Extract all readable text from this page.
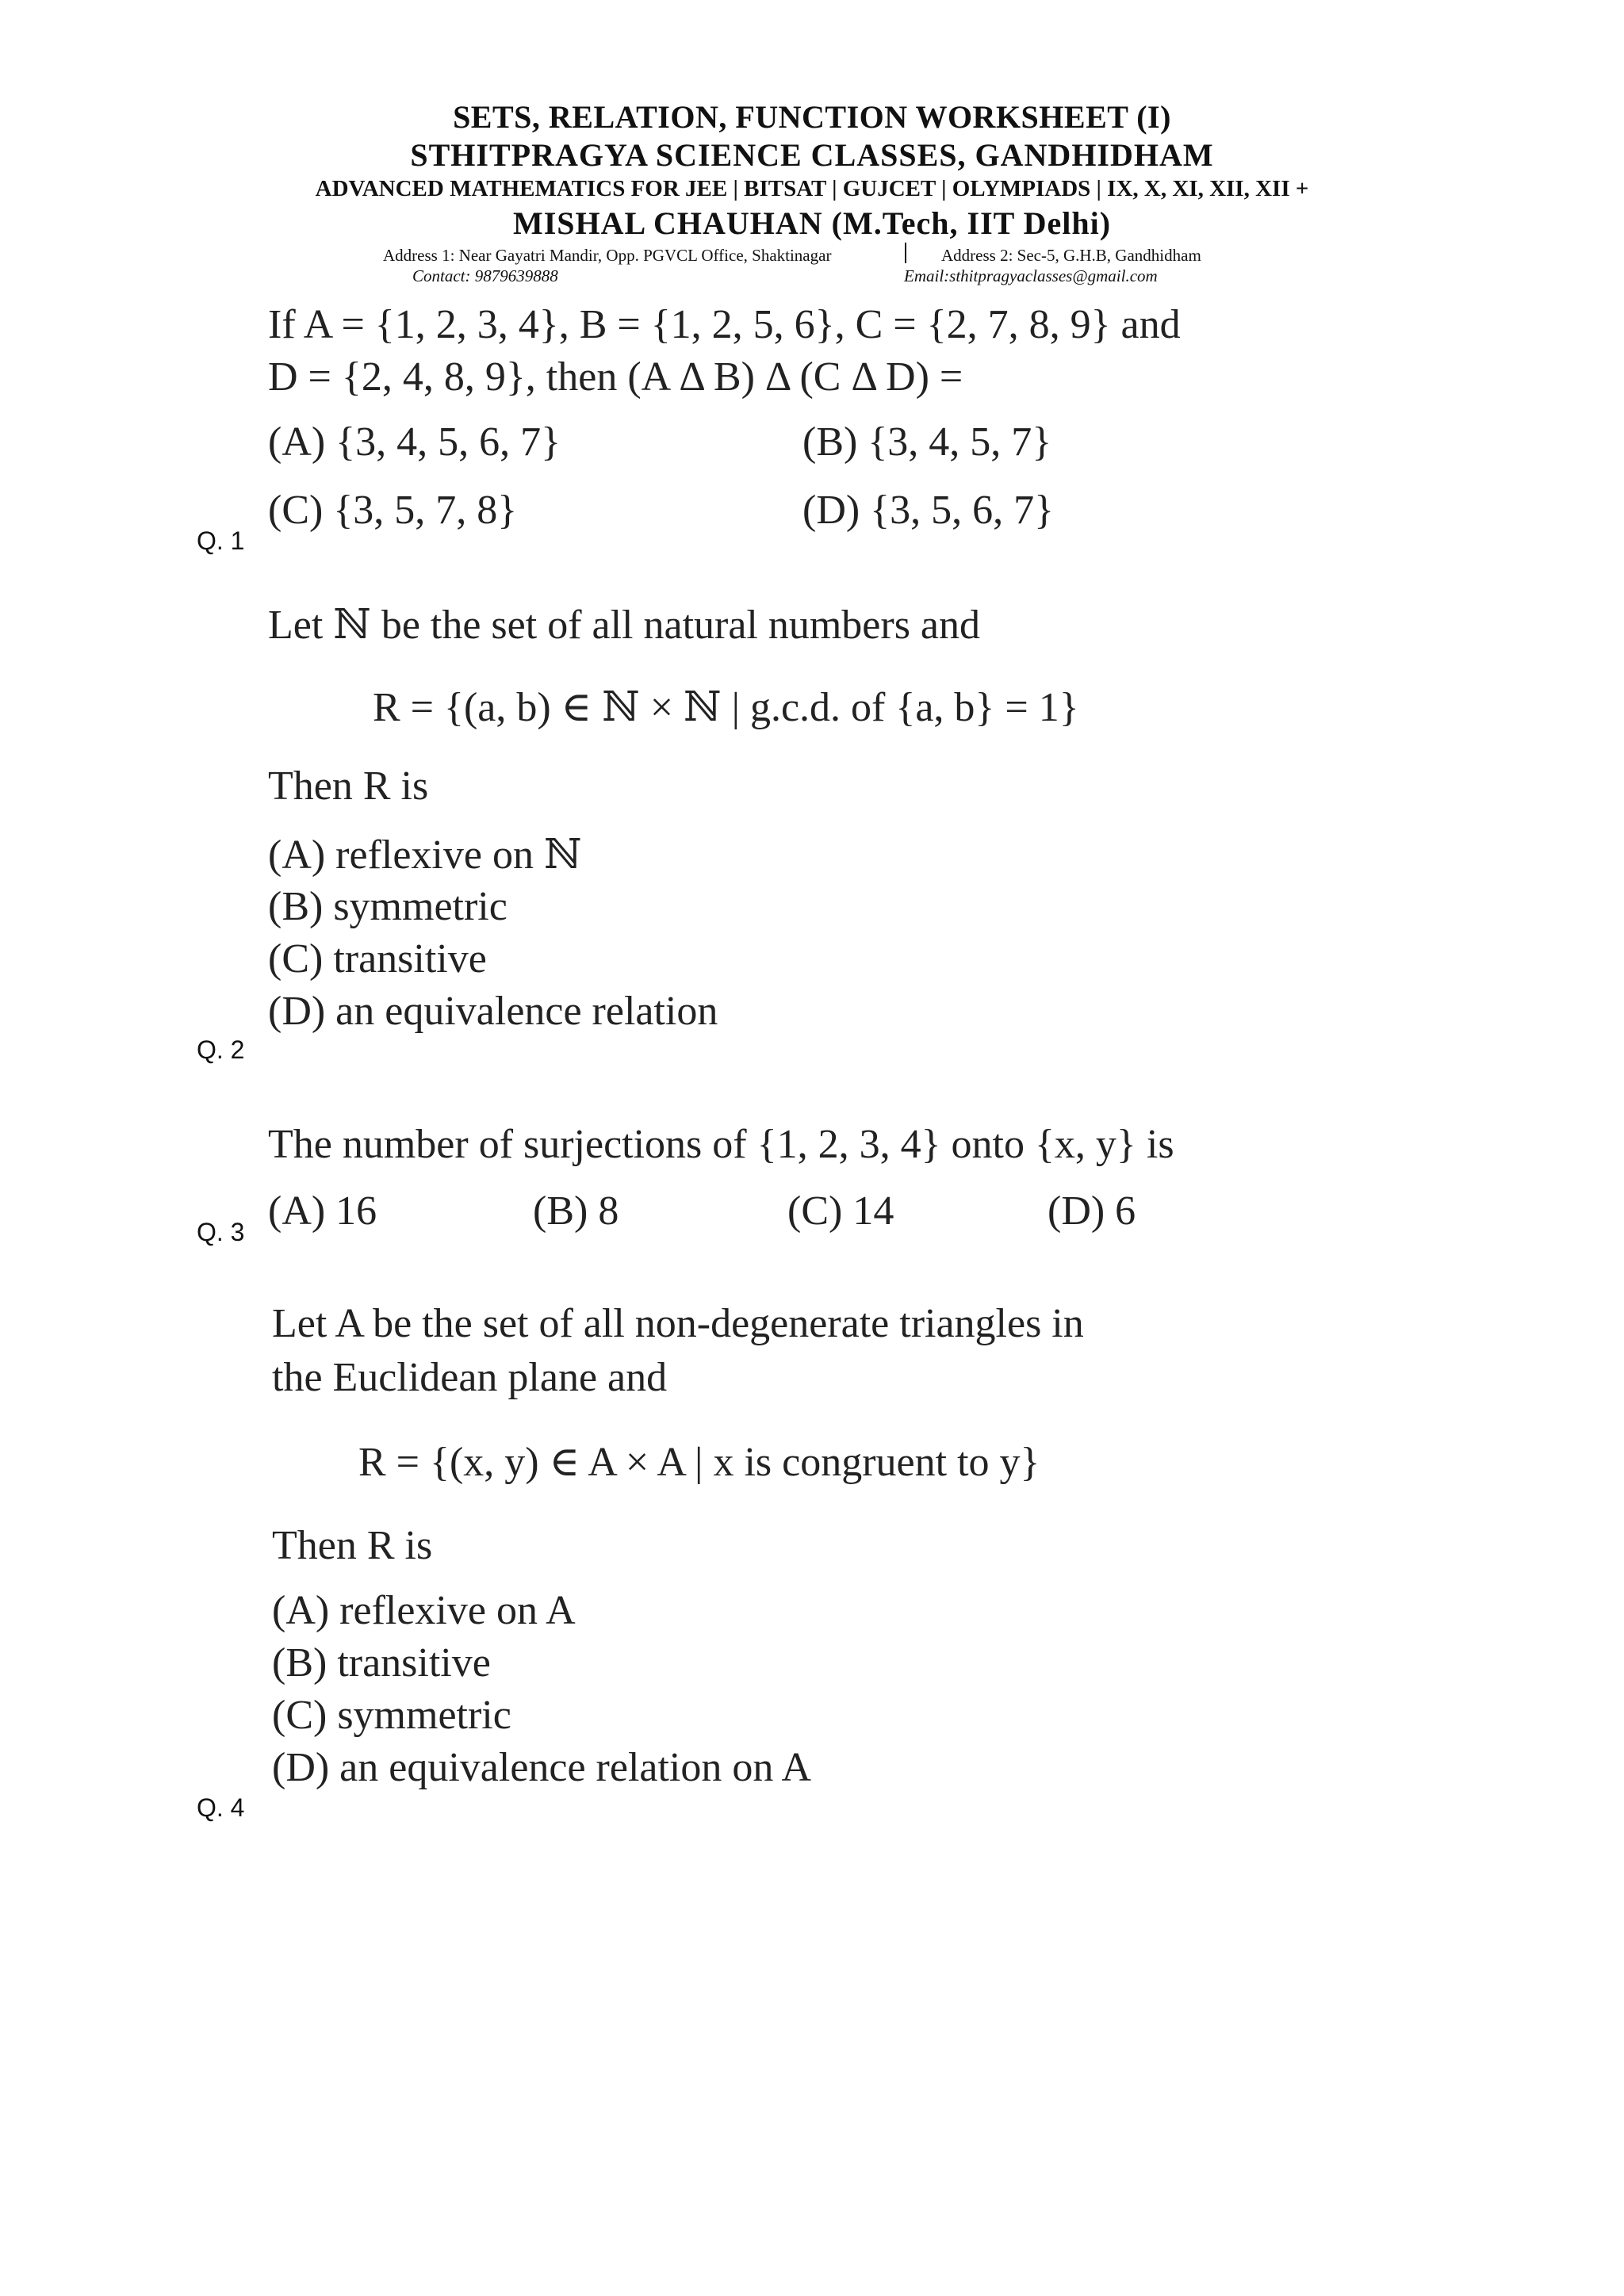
SETS, RELATION, FUNCTION WORKSHEET (I)
STHITPRAGYA SCIENCE CLASSES, GANDHIDHAM
ADVANCED MATHEMATICS FOR JEE | BITSAT | GUJCET | OLYMPIADS | IX, X, XI, XII, XII +
MISHAL CHAUHAN (M.Tech, IIT Delhi)
Address 1: Near Gayatri Mandir, Opp. PGVCL Office, Shaktinagar	Address 2: Sec-5, G.H.B, Gandhidham
Contact: 9879639888	Email:sthitpragyaclasses@gmail.com
If A = {1, 2, 3, 4}, B = {1, 2, 5, 6}, C = {2, 7, 8, 9} and
D = {2, 4, 8, 9}, then (A Δ B) Δ (C Δ D) =
(A) {3, 4, 5, 6, 7}	(B) {3, 4, 5, 7}
(C) {3, 5, 7, 8}	(D) {3, 5, 6, 7}
Q. 1
Let ℕ be the set of all natural numbers and
R = {(a, b) ∈ ℕ × ℕ | g.c.d. of {a, b} = 1}
Then R is
(A) reflexive on ℕ
(B) symmetric
(C) transitive
(D) an equivalence relation
Q. 2
The number of surjections of {1, 2, 3, 4} onto {x, y} is
(A) 16	(B) 8	(C) 14	(D) 6
Q. 3
Let A be the set of all non-degenerate triangles in
the Euclidean plane and
R = {(x, y) ∈ A × A | x is congruent to y}
Then R is
(A) reflexive on A
(B) transitive
(C) symmetric
(D) an equivalence relation on A
Q. 4
